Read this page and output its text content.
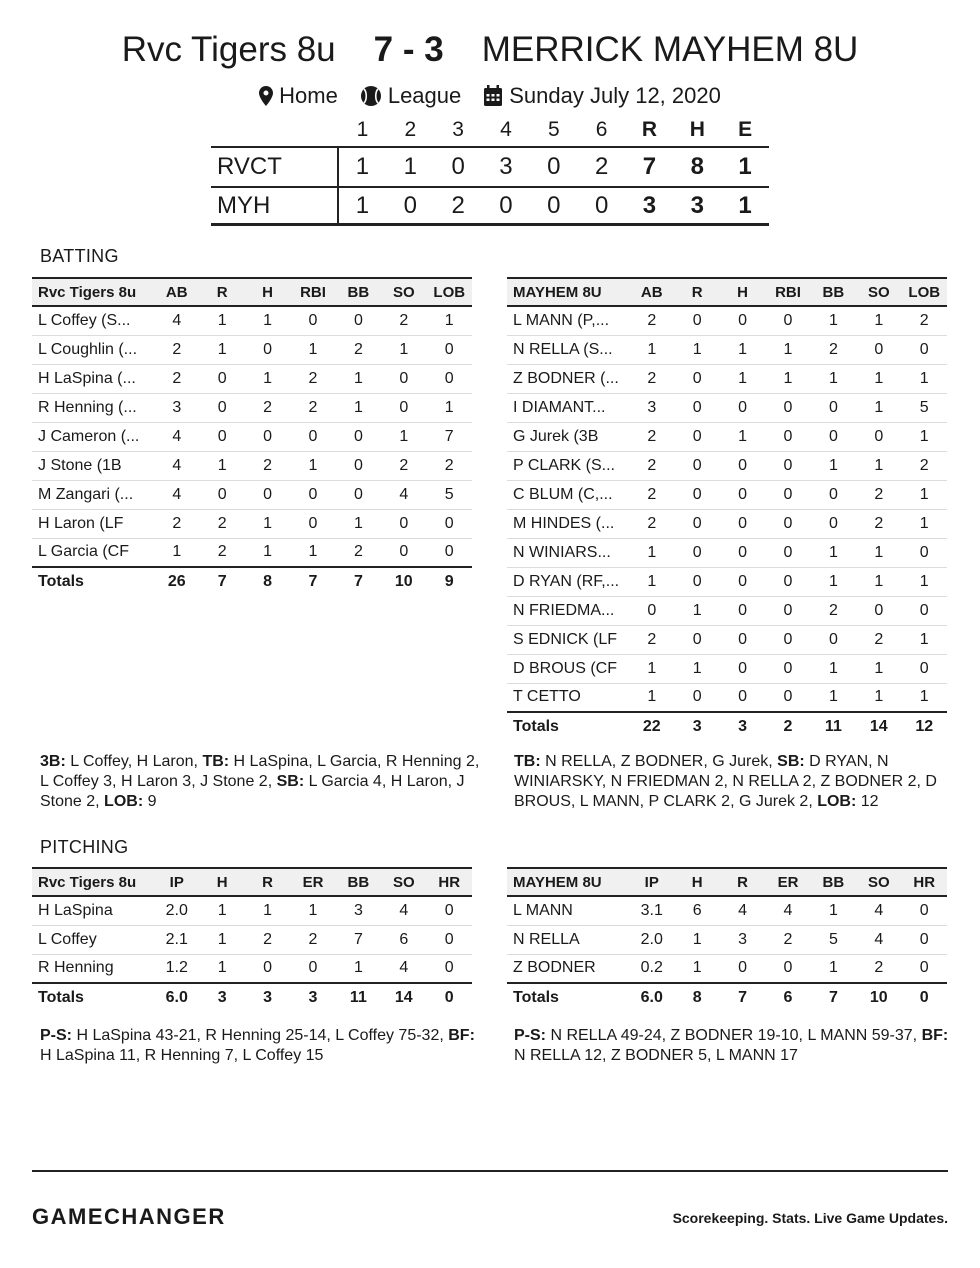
Rvc Tigers 8u 7 - 3 MERRICK MAYHEM 8U
Home League Sunday July 12, 2020
1	2	3	4	5	6	R	H	E
RVCT	1	1	0	3	0	2	7	8	1
MYH	1	0	2	0	0	0	3	3	1
BATTING
Rvc Tigers 8u	AB	R	H	RBI	BB	SO	LOB
L Coffey (S...	4	1	1	0	0	2	1
L Coughlin (...	2	1	0	1	2	1	0
H LaSpina (...	2	0	1	2	1	0	0
R Henning (...	3	0	2	2	1	0	1
J Cameron (...	4	0	0	0	0	1	7
J Stone (1B	4	1	2	1	0	2	2
M Zangari (...	4	0	0	0	0	4	5
H Laron (LF	2	2	1	0	1	0	0
L Garcia (CF	1	2	1	1	2	0	0
Totals	26	7	8	7	7	10	9
MAYHEM 8U	AB	R	H	RBI	BB	SO	LOB
L MANN (P,...	2	0	0	0	1	1	2
N RELLA (S...	1	1	1	1	2	0	0
Z BODNER (...	2	0	1	1	1	1	1
I DIAMANT...	3	0	0	0	0	1	5
G Jurek (3B	2	0	1	0	0	0	1
P CLARK (S...	2	0	0	0	1	1	2
C BLUM (C,...	2	0	0	0	0	2	1
M HINDES (...	2	0	0	0	0	2	1
N WINIARS...	1	0	0	0	1	1	0
D RYAN (RF,...	1	0	0	0	1	1	1
N FRIEDMA...	0	1	0	0	2	0	0
S EDNICK (LF	2	0	0	0	0	2	1
D BROUS (CF	1	1	0	0	1	1	0
T CETTO	1	0	0	0	1	1	1
Totals	22	3	3	2	11	14	12
3B: L Coffey, H Laron, TB: H LaSpina, L Garcia, R Henning 2, L Coffey 3, H Laron 3, J Stone 2, SB: L Garcia 4, H Laron, J Stone 2, LOB: 9
TB: N RELLA, Z BODNER, G Jurek, SB: D RYAN, N WINIARSKY, N FRIEDMAN 2, N RELLA 2, Z BODNER 2, D BROUS, L MANN, P CLARK 2, G Jurek 2, LOB: 12
PITCHING
Rvc Tigers 8u	IP	H	R	ER	BB	SO	HR
H LaSpina	2.0	1	1	1	3	4	0
L Coffey	2.1	1	2	2	7	6	0
R Henning	1.2	1	0	0	1	4	0
Totals	6.0	3	3	3	11	14	0
MAYHEM 8U	IP	H	R	ER	BB	SO	HR
L MANN	3.1	6	4	4	1	4	0
N RELLA	2.0	1	3	2	5	4	0
Z BODNER	0.2	1	0	0	1	2	0
Totals	6.0	8	7	6	7	10	0
P-S: H LaSpina 43-21, R Henning 25-14, L Coffey 75-32, BF: H LaSpina 11, R Henning 7, L Coffey 15
P-S: N RELLA 49-24, Z BODNER 19-10, L MANN 59-37, BF: N RELLA 12, Z BODNER 5, L MANN 17
GAMECHANGER	Scorekeeping. Stats. Live Game Updates.
